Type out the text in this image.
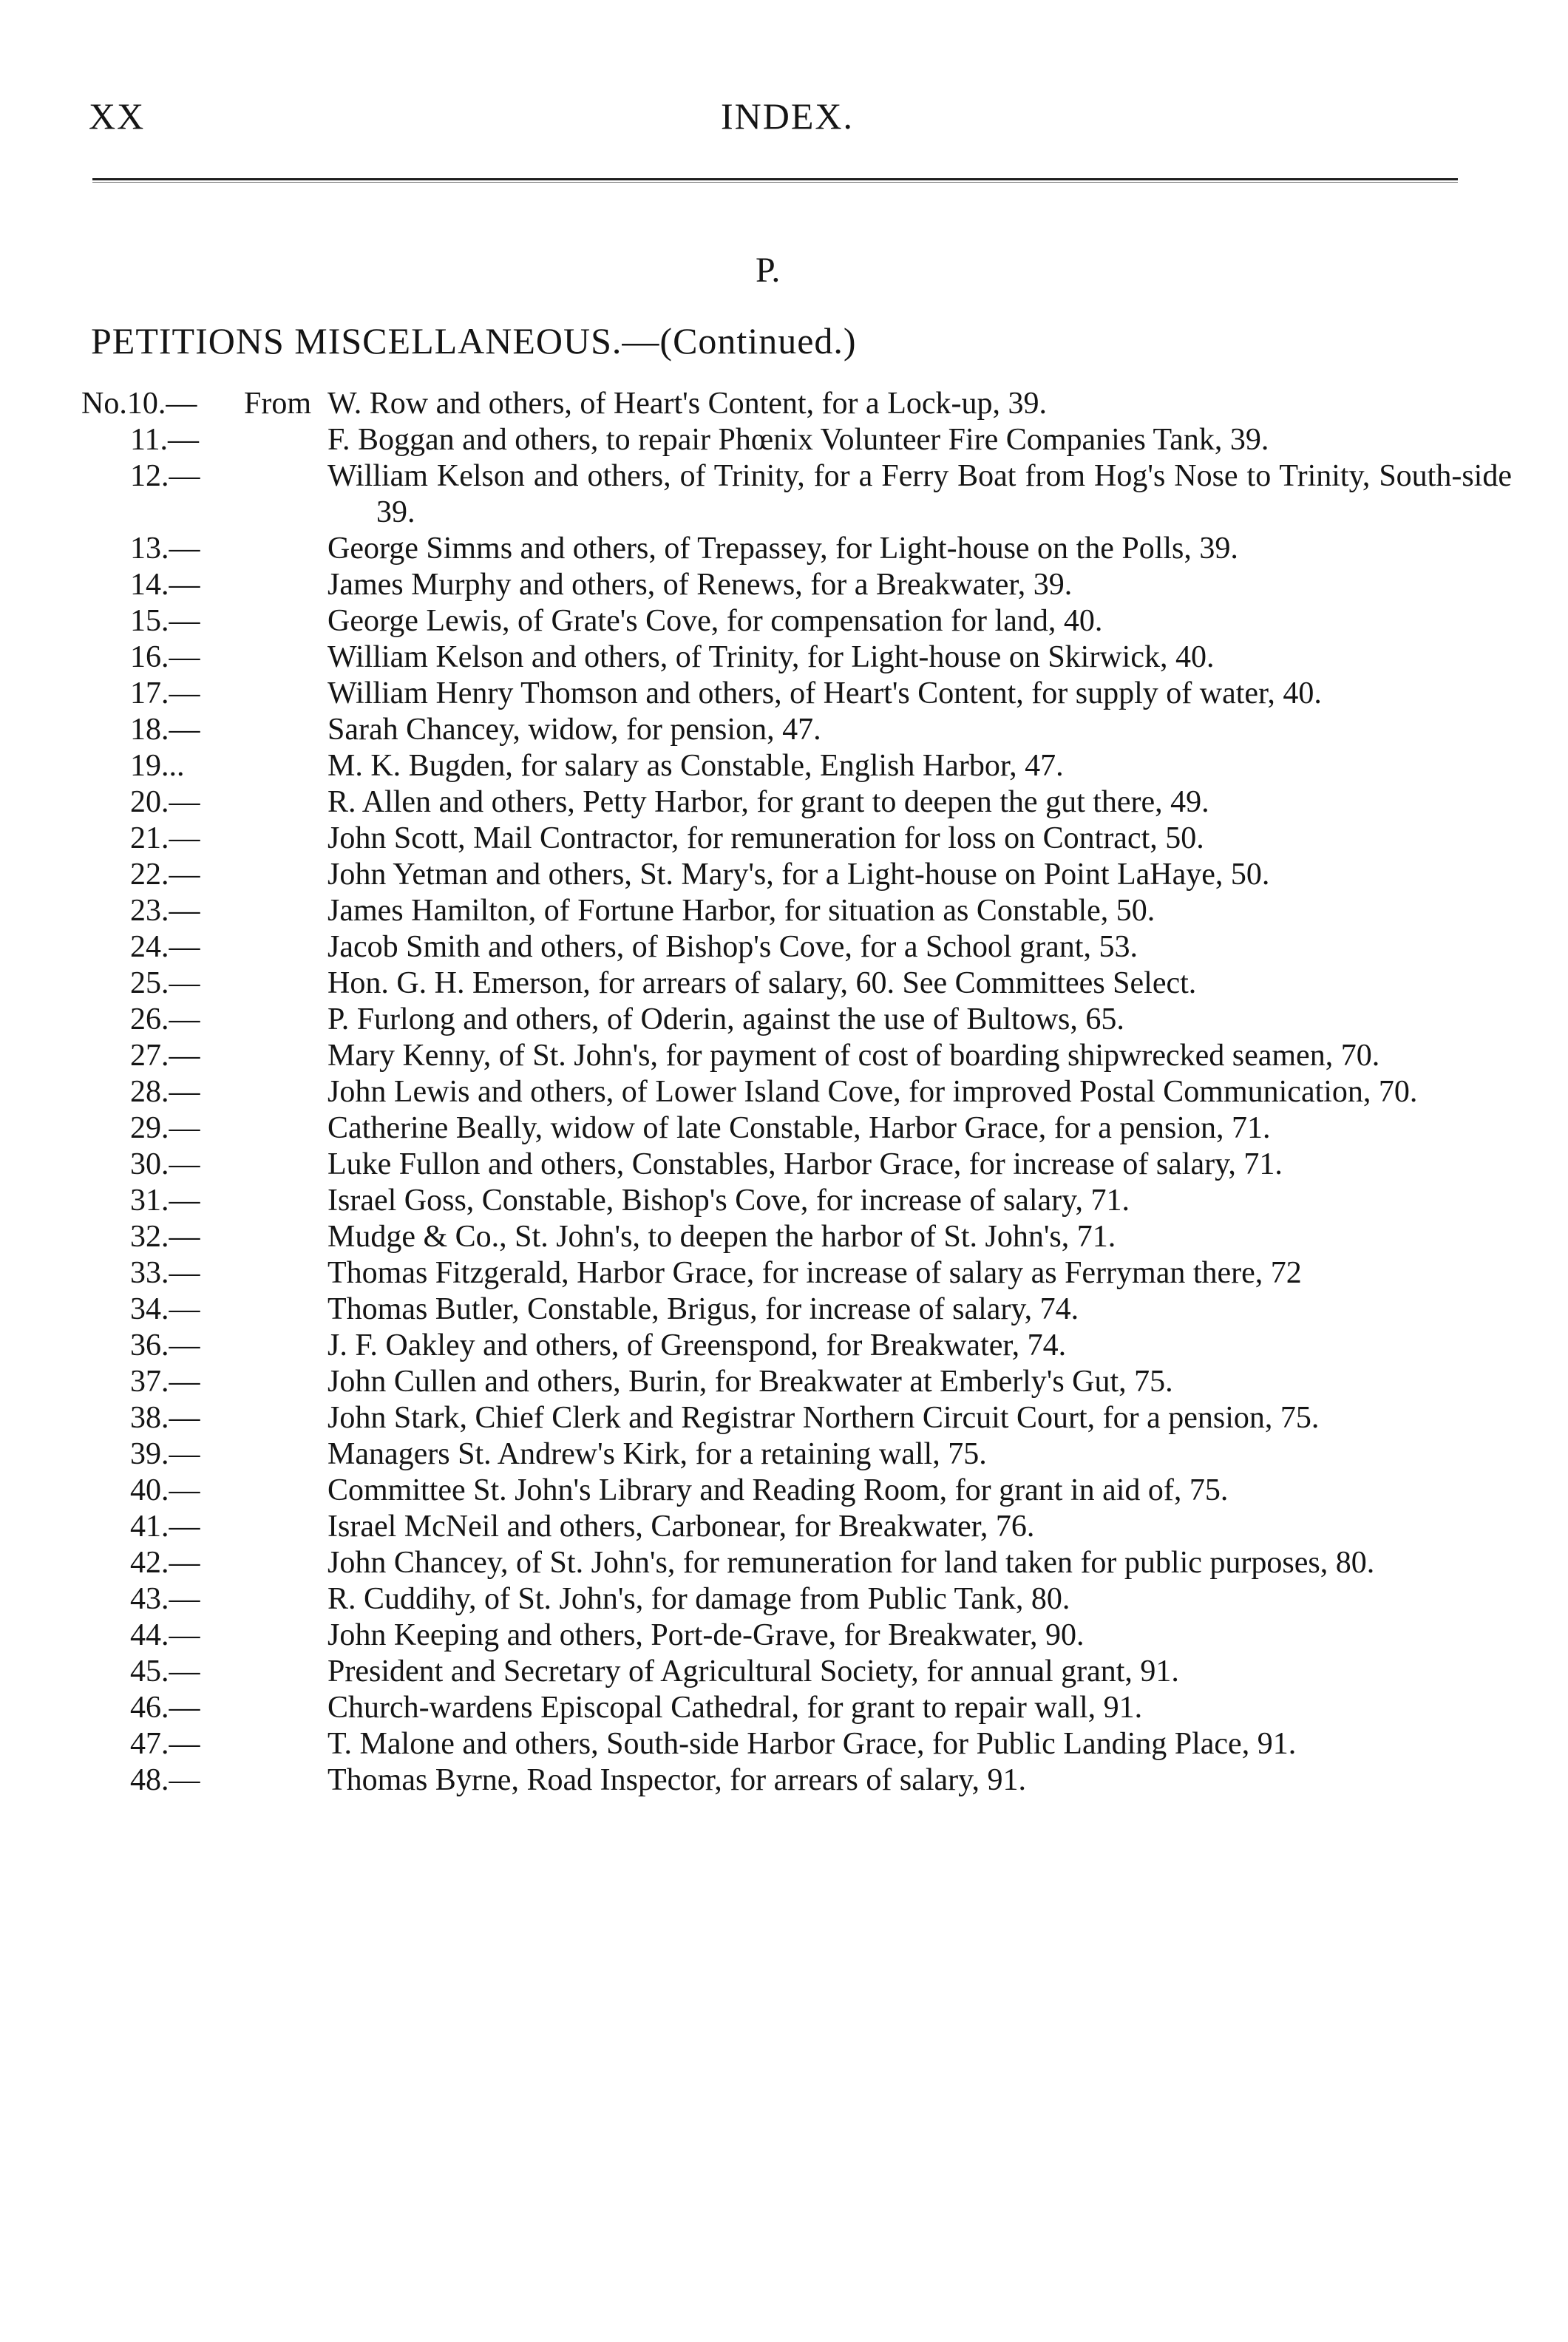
XX	INDEX.
P.
PETITIONS MISCELLANEOUS.—(Continued.)
No.10.— From W. Row and others, of Heart's Content, for a Lock-up, 39.
11.—	F. Boggan and others, to repair Phœnix Volunteer Fire Companies Tank, 39.
12.—	William Kelson and others, of Trinity, for a Ferry Boat from Hog's Nose to Trinity, South-side 39.
13.—	George Simms and others, of Trepassey, for Light-house on the Polls, 39.
14.—	James Murphy and others, of Renews, for a Breakwater, 39.
15.—	George Lewis, of Grate's Cove, for compensation for land, 40.
16.—	William Kelson and others, of Trinity, for Light-house on Skirwick, 40.
17.—	William Henry Thomson and others, of Heart's Content, for supply of water, 40.
18.—	Sarah Chancey, widow, for pension, 47.
19...	M. K. Bugden, for salary as Constable, English Harbor, 47.
20.—	R. Allen and others, Petty Harbor, for grant to deepen the gut there, 49.
21.—	John Scott, Mail Contractor, for remuneration for loss on Contract, 50.
22.—	John Yetman and others, St. Mary's, for a Light-house on Point LaHaye, 50.
23.—	James Hamilton, of Fortune Harbor, for situation as Constable, 50.
24.—	Jacob Smith and others, of Bishop's Cove, for a School grant, 53.
25.—	Hon. G. H. Emerson, for arrears of salary, 60. See Committees Select.
26.—	P. Furlong and others, of Oderin, against the use of Bultows, 65.
27.—	Mary Kenny, of St. John's, for payment of cost of boarding shipwrecked seamen, 70.
28.—	John Lewis and others, of Lower Island Cove, for improved Postal Communication, 70.
29.—	Catherine Beally, widow of late Constable, Harbor Grace, for a pension, 71.
30.—	Luke Fullon and others, Constables, Harbor Grace, for increase of salary, 71.
31.—	Israel Goss, Constable, Bishop's Cove, for increase of salary, 71.
32.—	Mudge & Co., St. John's, to deepen the harbor of St. John's, 71.
33.—	Thomas Fitzgerald, Harbor Grace, for increase of salary as Ferryman there, 72
34.—	Thomas Butler, Constable, Brigus, for increase of salary, 74.
36.—	J. F. Oakley and others, of Greenspond, for Breakwater, 74.
37.—	John Cullen and others, Burin, for Breakwater at Emberly's Gut, 75.
38.—	John Stark, Chief Clerk and Registrar Northern Circuit Court, for a pension, 75.
39.—	Managers St. Andrew's Kirk, for a retaining wall, 75.
40.—	Committee St. John's Library and Reading Room, for grant in aid of, 75.
41.—	Israel McNeil and others, Carbonear, for Breakwater, 76.
42.—	John Chancey, of St. John's, for remuneration for land taken for public purposes, 80.
43.—	R. Cuddihy, of St. John's, for damage from Public Tank, 80.
44.—	John Keeping and others, Port-de-Grave, for Breakwater, 90.
45.—	President and Secretary of Agricultural Society, for annual grant, 91.
46.—	Church-wardens Episcopal Cathedral, for grant to repair wall, 91.
47.—	T. Malone and others, South-side Harbor Grace, for Public Landing Place, 91.
48.—	Thomas Byrne, Road Inspector, for arrears of salary, 91.
